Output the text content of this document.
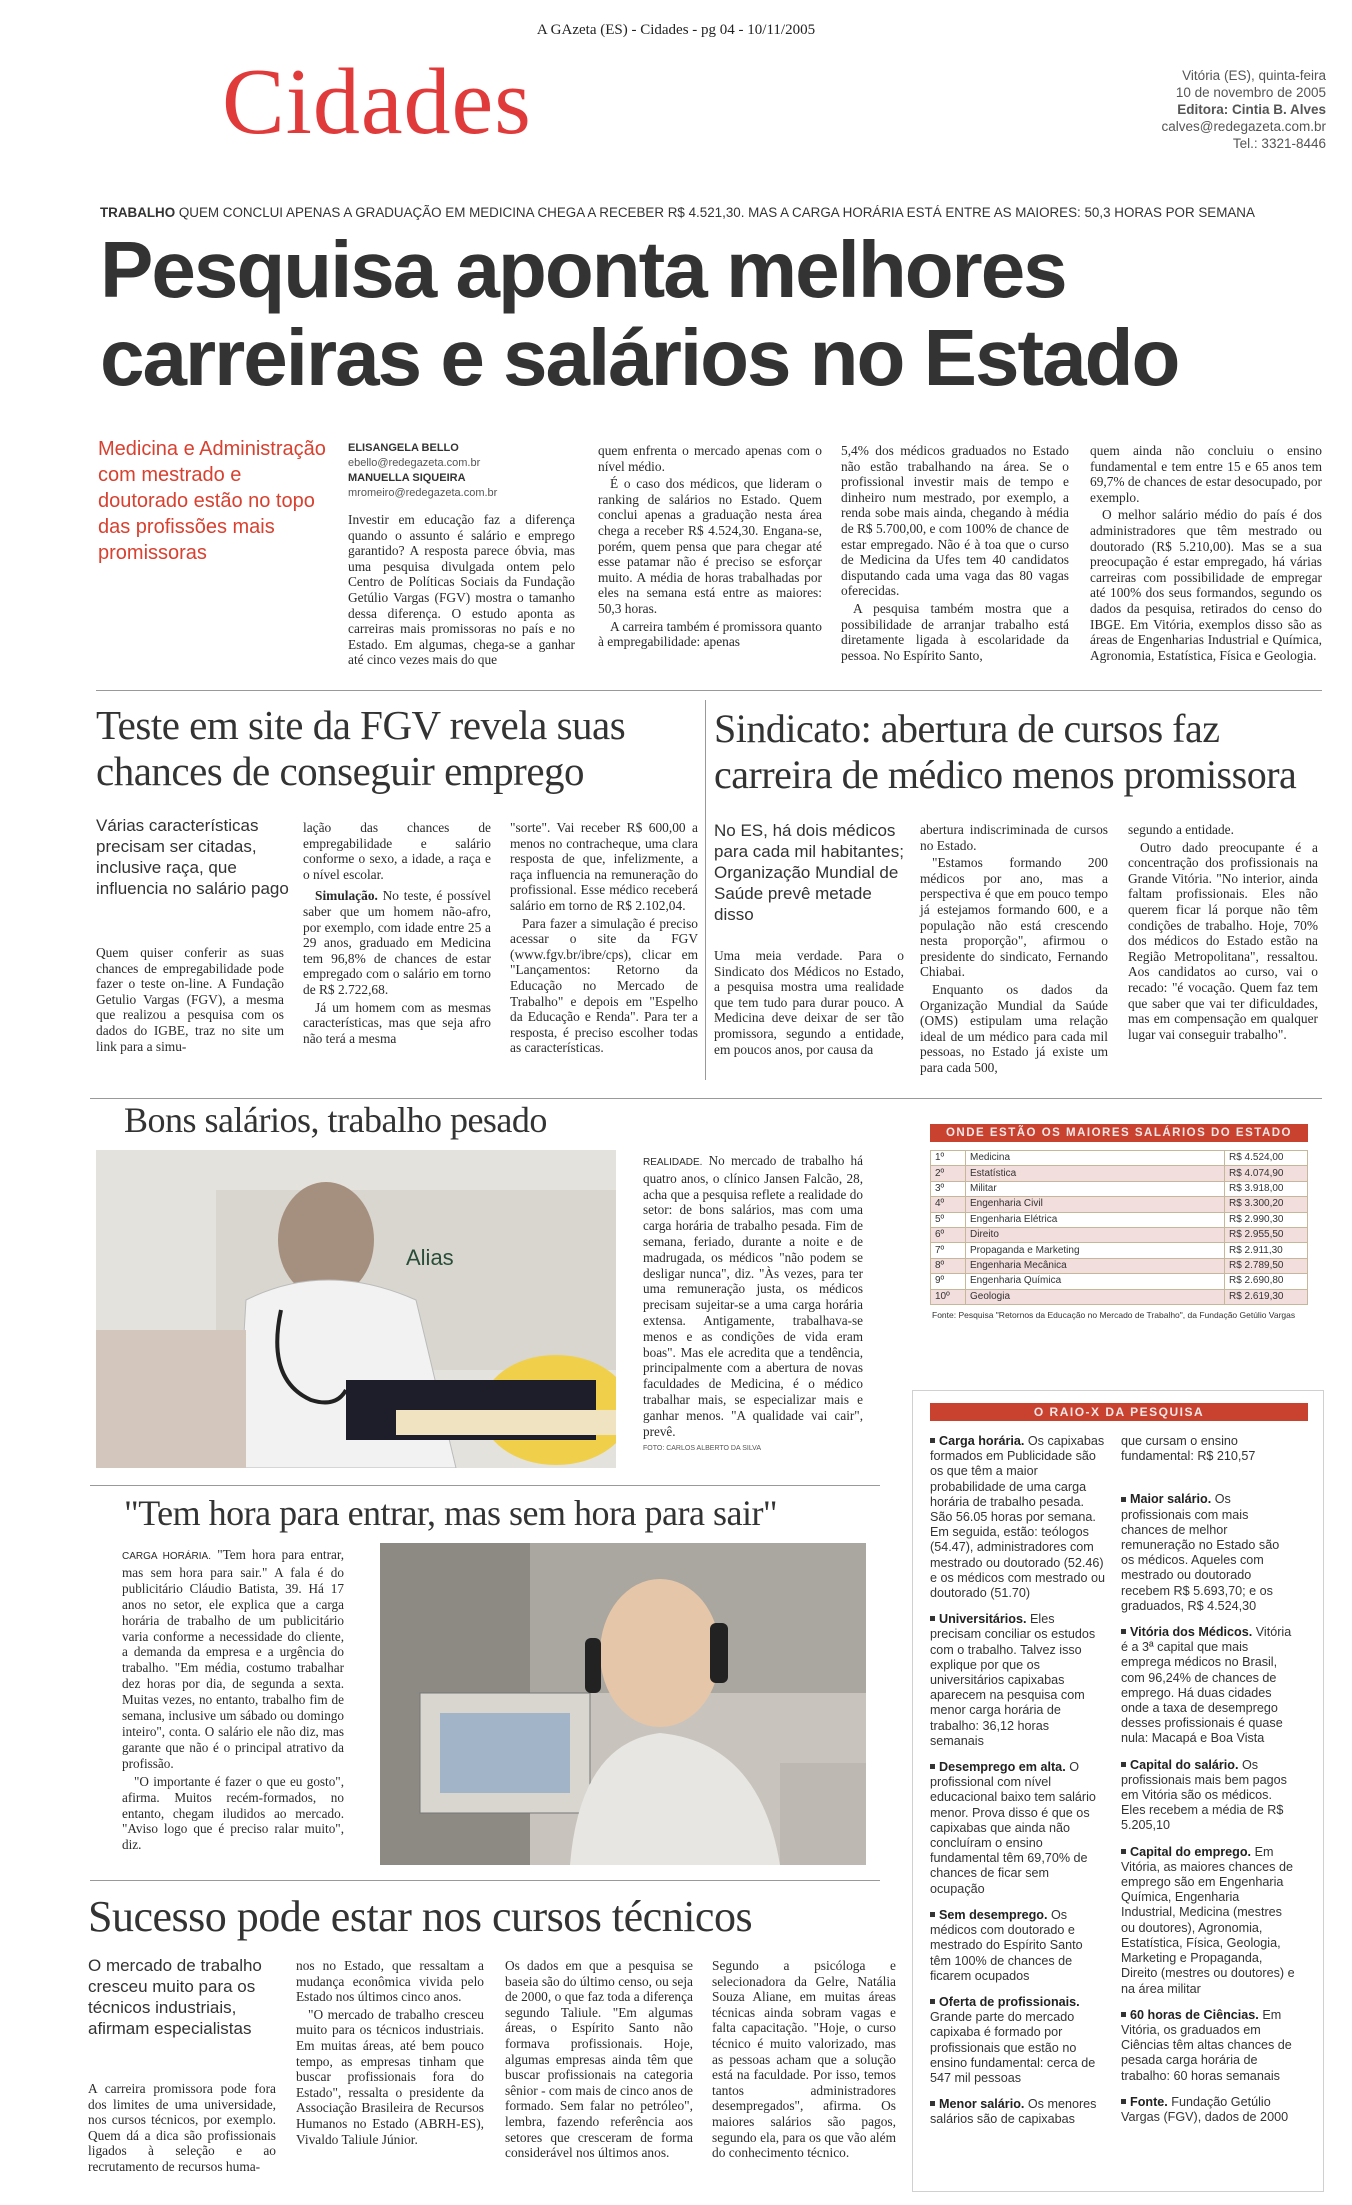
A GAzeta (ES) - Cidades - pg 04 - 10/11/2005
Cidades	Vitória (ES), quinta-feira
10 de novembro de 2005
Editora: Cintia B. Alves
calves@redegazeta.com.br
Tel.: 3321-8446
TRABALHO QUEM CONCLUI APENAS A GRADUAÇÃO EM MEDICINA CHEGA A RECEBER R$ 4.521,30. MAS A CARGA HORÁRIA ESTÁ ENTRE AS MAIORES: 50,3 HORAS POR SEMANA
Pesquisa aponta melhores
carreiras e salários no Estado
Medicina e Administração com mestrado e doutorado estão no topo das profissões mais promissoras
ELISANGELA BELLO
ebello@redegazeta.com.br
MANUELLA SIQUEIRA
mromeiro@redegazeta.com.br

Investir em educação faz a diferença quando o assunto é salário e emprego garantido? A resposta parece óbvia, mas uma pesquisa divulgada ontem pelo Centro de Políticas Sociais da Fundação Getúlio Vargas (FGV) mostra o tamanho dessa diferença. O estudo aponta as carreiras mais promissoras no país e no Estado. Em algumas, chega-se a ganhar até cinco vezes mais do que

quem enfrenta o mercado apenas com o nível médio.

É o caso dos médicos, que lideram o ranking de salários no Estado. Quem conclui apenas a graduação nesta área chega a receber R$ 4.524,30. Engana-se, porém, quem pensa que para chegar até esse patamar não é preciso se esforçar muito. A média de horas trabalhadas por eles na semana está entre as maiores: 50,3 horas.

A carreira também é promissora quanto à empregabilidade: apenas

5,4% dos médicos graduados no Estado não estão trabalhando na área. Se o profissional investir mais de tempo e dinheiro num mestrado, por exemplo, a renda sobe mais ainda, chegando à média de R$ 5.700,00, e com 100% de chance de estar empregado. Não é à toa que o curso de Medicina da Ufes tem 40 candidatos disputando cada uma vaga das 80 vagas oferecidas.

A pesquisa também mostra que a possibilidade de arranjar trabalho está diretamente ligada à escolaridade da pessoa. No Espírito Santo,

quem ainda não concluiu o ensino fundamental e tem entre 15 e 65 anos tem 69,7% de chances de estar desocupado, por exemplo.

O melhor salário médio do país é dos administradores que têm mestrado ou doutorado (R$ 5.210,00). Mas se a sua preocupação é estar empregado, há várias carreiras com possibilidade de empregar até 100% dos seus formandos, segundo os dados da pesquisa, retirados do censo do IBGE. Em Vitória, exemplos disso são as áreas de Engenharias Industrial e Química, Agronomia, Estatística, Física e Geologia.

Teste em site da FGV revela suas
chances de conseguir emprego
Várias características precisam ser citadas, inclusive raça, que influencia no salário pago

Quem quiser conferir as suas chances de empregabilidade pode fazer o teste on-line. A Fundação Getulio Vargas (FGV), a mesma que realizou a pesquisa com os dados do IGBE, traz no site um link para a simu-

lação das chances de empregabilidade e salário conforme o sexo, a idade, a raça e o nível escolar.

Simulação. No teste, é possível saber que um homem não-afro, por exemplo, com idade entre 25 a 29 anos, graduado em Medicina tem 96,8% de chances de estar empregado com o salário em torno de R$ 2.722,68.

Já um homem com as mesmas características, mas que seja afro não terá a mesma

"sorte". Vai receber R$ 600,00 a menos no contracheque, uma clara resposta de que, infelizmente, a raça influencia na remuneração do profissional. Esse médico receberá salário em torno de R$ 2.102,04.

Para fazer a simulação é preciso acessar o site da FGV (www.fgv.br/ibre/cps), clicar em "Lançamentos: Retorno da Educação no Mercado de Trabalho" e depois em "Espelho da Educação e Renda". Para ter a resposta, é preciso escolher todas as características.

Sindicato: abertura de cursos faz
carreira de médico menos promissora
No ES, há dois médicos para cada mil habitantes; Organização Mundial de Saúde prevê metade disso

Uma meia verdade. Para o Sindicato dos Médicos no Estado, a pesquisa mostra uma realidade que tem tudo para durar pouco. A Medicina deve deixar de ser tão promissora, segundo a entidade, em poucos anos, por causa da

abertura indiscriminada de cursos no Estado.

"Estamos formando 200 médicos por ano, mas a perspectiva é que em pouco tempo já estejamos formando 600, e a população não está crescendo nesta proporção", afirmou o presidente do sindicato, Fernando Chiabai.

Enquanto os dados da Organização Mundial da Saúde (OMS) estipulam uma relação ideal de um médico para cada mil pessoas, no Estado já existe um para cada 500,

segundo a entidade.

Outro dado preocupante é a concentração dos profissionais na Grande Vitória. "No interior, ainda faltam profissionais. Eles não querem ficar lá porque não têm condições de trabalho. Hoje, 70% dos médicos do Estado estão na Região Metropolitana", ressaltou. Aos candidatos ao curso, vai o recado: "é vocação. Quem faz tem que saber que vai ter dificuldades, mas em compensação em qualquer lugar vai conseguir trabalho".

Bons salários, trabalho pesado
Alias

REALIDADE. No mercado de trabalho há quatro anos, o clínico Jansen Falcão, 28, acha que a pesquisa reflete a realidade do setor: de bons salários, mas com uma carga horária de trabalho pesada. Fim de semana, feriado, durante a noite e de madrugada, os médicos "não podem se desligar nunca", diz. "Às vezes, para ter uma remuneração justa, os médicos precisam sujeitar-se a uma carga horária extensa. Antigamente, trabalhava-se menos e as condições de vida eram boas". Mas ele acredita que a tendência, principalmente com a abertura de novas faculdades de Medicina, é o médico trabalhar mais, se especializar mais e ganhar menos. "A qualidade vai cair", prevê.

FOTO: CARLOS ALBERTO DA SILVA
ONDE ESTÃO OS MAIORES SALÁRIOS DO ESTADO
1º	Medicina	R$ 4.524,00
2º	Estatística	R$ 4.074,90
3º	Militar	R$ 3.918,00
4º	Engenharia Civil	R$ 3.300,20
5º	Engenharia Elétrica	R$ 2.990,30
6º	Direito	R$ 2.955,50
7º	Propaganda e Marketing	R$ 2.911,30
8º	Engenharia Mecânica	R$ 2.789,50
9º	Engenharia Química	R$ 2.690,80
10º	Geologia	R$ 2.619,30
Fonte: Pesquisa "Retornos da Educação no Mercado de Trabalho", da Fundação Getúlio Vargas
O RAIO-X DA PESQUISA

Carga horária. Os capixabas formados em Publicidade são os que têm a maior probabilidade de uma carga horária de trabalho pesada. São 56.05 horas por semana. Em seguida, estão: teólogos (54.47), administradores com mestrado ou doutorado (52.46) e os médicos com mestrado ou doutorado (51.70)

Universitários. Eles precisam conciliar os estudos com o trabalho. Talvez isso explique por que os universitários capixabas aparecem na pesquisa com menor carga horária de trabalho: 36,12 horas semanais

Desemprego em alta. O profissional com nível educacional baixo tem salário menor. Prova disso é que os capixabas que ainda não concluíram o ensino fundamental têm 69,70% de chances de ficar sem ocupação

Sem desemprego. Os médicos com doutorado e mestrado do Espírito Santo têm 100% de chances de ficarem ocupados

Oferta de profissionais. Grande parte do mercado capixaba é formado por profissionais que estão no ensino fundamental: cerca de 547 mil pessoas

Menor salário. Os menores salários são de capixabas

que cursam o ensino fundamental: R$ 210,57

Maior salário. Os profissionais com mais chances de melhor remuneração no Estado são os médicos. Aqueles com mestrado ou doutorado recebem R$ 5.693,70; e os graduados, R$ 4.524,30

Vitória dos Médicos. Vitória é a 3ª capital que mais emprega médicos no Brasil, com 96,24% de chances de emprego. Há duas cidades onde a taxa de desemprego desses profissionais é quase nula: Macapá e Boa Vista

Capital do salário. Os profissionais mais bem pagos em Vitória são os médicos. Eles recebem a média de R$ 5.205,10

Capital do emprego. Em Vitória, as maiores chances de emprego são em Engenharia Química, Engenharia Industrial, Medicina (mestres ou doutores), Agronomia, Estatística, Física, Geologia, Marketing e Propaganda, Direito (mestres ou doutores) e na área militar

60 horas de Ciências. Em Vitória, os graduados em Ciências têm altas chances de pesada carga horária de trabalho: 60 horas semanais

Fonte. Fundação Getúlio Vargas (FGV), dados de 2000

"Tem hora para entrar, mas sem hora para sair"

CARGA HORÁRIA. "Tem hora para entrar, mas sem hora para sair." A fala é do publicitário Cláudio Batista, 39. Há 17 anos no setor, ele explica que a carga horária de trabalho de um publicitário varia conforme a necessidade do cliente, a demanda da empresa e a urgência do trabalho. "Em média, costumo trabalhar dez horas por dia, de segunda a sexta. Muitas vezes, no entanto, trabalho fim de semana, inclusive um sábado ou domingo inteiro", conta. O salário ele não diz, mas garante que não é o principal atrativo da profissão.

"O importante é fazer o que eu gosto", afirma. Muitos recém-formados, no entanto, chegam iludidos ao mercado. "Aviso logo que é preciso ralar muito", diz.

Sucesso pode estar nos cursos técnicos
O mercado de trabalho cresceu muito para os técnicos industriais, afirmam especialistas

A carreira promissora pode fora dos limites de uma universidade, nos cursos técnicos, por exemplo. Quem dá a dica são profissionais ligados à seleção e ao recrutamento de recursos huma-

nos no Estado, que ressaltam a mudança econômica vivida pelo Estado nos últimos cinco anos.

"O mercado de trabalho cresceu muito para os técnicos industriais. Em muitas áreas, até bem pouco tempo, as empresas tinham que buscar profissionais fora do Estado", ressalta o presidente da Associação Brasileira de Recursos Humanos no Estado (ABRH-ES), Vivaldo Taliule Júnior.

Os dados em que a pesquisa se baseia são do último censo, ou seja de 2000, o que faz toda a diferença segundo Taliule. "Em algumas áreas, o Espírito Santo não formava profissionais. Hoje, algumas empresas ainda têm que buscar profissionais na categoria sênior - com mais de cinco anos de formado. Sem falar no petróleo", lembra, fazendo referência aos setores que cresceram de forma considerável nos últimos anos.

Segundo a psicóloga e selecionadora da Gelre, Natália Souza Aliane, em muitas áreas técnicas ainda sobram vagas e falta capacitação. "Hoje, o curso técnico é muito valorizado, mas as pessoas acham que a solução está na faculdade. Por isso, temos tantos administradores desempregados", afirma. Os maiores salários são pagos, segundo ela, para os que vão além do conhecimento técnico.
